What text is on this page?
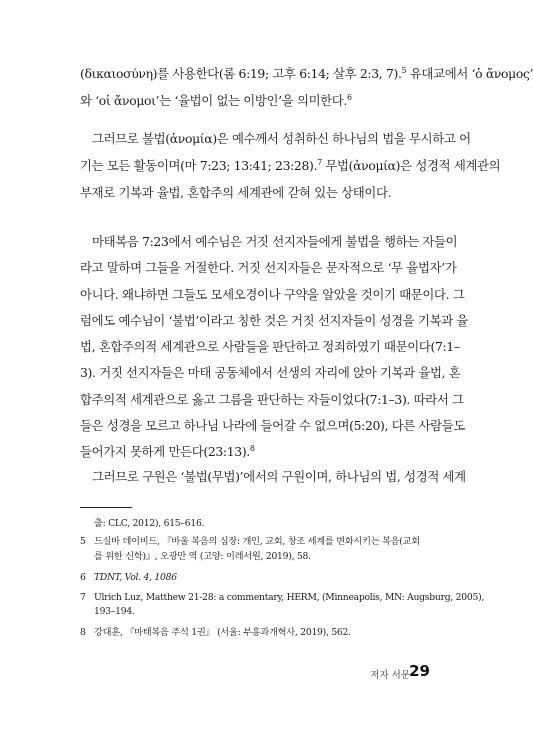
(δικαιοσύνη)를 사용한다(롬 6:19; 고후 6:14; 살후 2:3, 7).$^5$ 유대교에서 ‘ὁ ἄνομος’
와 ‘οἱ ἄνομοι’는 ‘율법이 없는 이방인’을 의미한다.$^6$
그러므로 불법(ἀνομία)은 예수께서 성취하신 하나님의 법을 무시하고 어
기는 모든 활동이며(마 7:23; 13:41; 23:28).$^7$ 무법(ἀνομία)은 성경적 세계관의
부재로 기복과 율법, 혼합주의 세계관에 갇혀 있는 상태이다.
마태복음 7:23에서 예수님은 거짓 선지자들에게 불법을 행하는 자들이
라고 말하며 그들을 거절한다. 거짓 선지자들은 문자적으로 ‘무 율법자’가
아니다. 왜냐하면 그들도 모세오경이나 구약을 알았을 것이기 때문이다. 그
럼에도 예수님이 ‘불법’이라고 칭한 것은 거짓 선지자들이 성경을 기복과 율
법, 혼합주의적 세계관으로 사람들을 판단하고 정죄하였기 때문이다(7:1–
3). 거짓 선지자들은 마태 공동체에서 선생의 자리에 앉아 기복과 율법, 혼
합주의적 세계관으로 옳고 그름을 판단하는 자들이었다(7:1–3). 따라서 그
들은 성경을 모르고 하나님 나라에 들어갈 수 없으며(5:20), 다른 사람들도
들어가지 못하게 만든다(23:13).$^8$
그러므로 구원은 ‘불법(무법)’에서의 구원이며, 하나님의 법, 성경적 세계
출: CLC, 2012), 615–616.
5 드실바 데이비드, 『바울 복음의 심장: 개인, 교회, 창조 세계를 변화시키는 복음(교회
를 위한 신학)』, 오광만 역 (고양: 이레서원, 2019), 58.
6 TDNT, Vol. 4, 1086
7 Ulrich Luz, Matthew 21-28: a commentary, HERM, (Minneapolis, MN: Augsburg, 2005),
193–194.
8 강대훈, 『마태복음 주석 1권』 (서울: 부흥과개혁사, 2019), 562.
저자 서문 29
